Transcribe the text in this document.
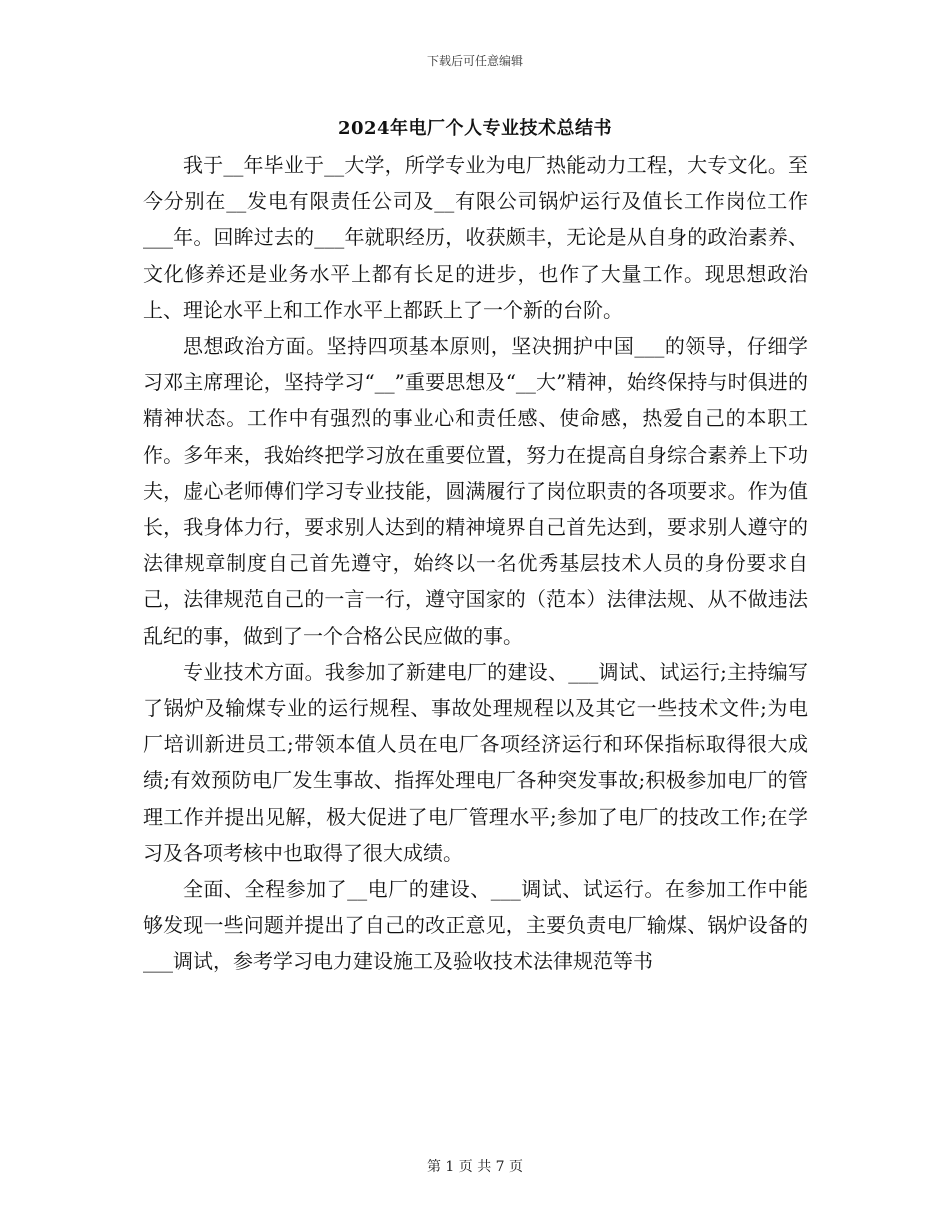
下载后可任意编辑
2024年电厂个人专业技术总结书

我于__年毕业于__大学，所学专业为电厂热能动力工程，大专文化。至今分别在__发电有限责任公司及__有限公司锅炉运行及值长工作岗位工作___年。回眸过去的___年就职经历，收获颇丰，无论是从自身的政治素养、文化修养还是业务水平上都有长足的进步，也作了大量工作。现思想政治上、理论水平上和工作水平上都跃上了一个新的台阶。

思想政治方面。坚持四项基本原则，坚决拥护中国___的领导，仔细学习邓主席理论，坚持学习“__”重要思想及“__大”精神，始终保持与时俱进的精神状态。工作中有强烈的事业心和责任感、使命感，热爱自己的本职工作。多年来，我始终把学习放在重要位置，努力在提高自身综合素养上下功夫，虚心老师傅们学习专业技能，圆满履行了岗位职责的各项要求。作为值长，我身体力行，要求别人达到的精神境界自己首先达到，要求别人遵守的法律规章制度自己首先遵守，始终以一名优秀基层技术人员的身份要求自己，法律规范自己的一言一行，遵守国家的（范本）法律法规、从不做违法乱纪的事，做到了一个合格公民应做的事。

专业技术方面。我参加了新建电厂的建设、___调试、试运行;主持编写了锅炉及输煤专业的运行规程、事故处理规程以及其它一些技术文件;为电厂培训新进员工;带领本值人员在电厂各项经济运行和环保指标取得很大成绩;有效预防电厂发生事故、指挥处理电厂各种突发事故;积极参加电厂的管理工作并提出见解，极大促进了电厂管理水平;参加了电厂的技改工作;在学习及各项考核中也取得了很大成绩。

全面、全程参加了__电厂的建设、___调试、试运行。在参加工作中能够发现一些问题并提出了自己的改正意见，主要负责电厂输煤、锅炉设备的___调试，参考学习电力建设施工及验收技术法律规范等书

第 1 页 共 7 页
